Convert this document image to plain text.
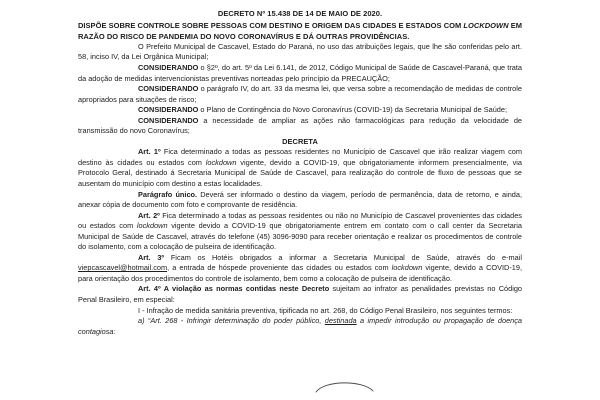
DECRETO Nº 15.438 DE 14 DE MAIO DE 2020.
DISPÕE SOBRE CONTROLE SOBRE PESSOAS COM DESTINO E ORIGEM DAS CIDADES E ESTADOS COM LOCKDOWN EM RAZÃO DO RISCO DE PANDEMIA DO NOVO CORONAVÍRUS E DÁ OUTRAS PROVIDÊNCIAS.

O Prefeito Municipal de Cascavel, Estado do Paraná, no uso das atribuições legais, que lhe são conferidas pelo art. 58, inciso IV, da Lei Orgânica Municipal;

CONSIDERANDO o §2º, do art. 5º da Lei 6.141, de 2012, Código Municipal de Saúde de Cascavel-Paraná, que trata da adoção de medidas intervencionistas preventivas norteadas pelo princípio da PRECAUÇÃO;

CONSIDERANDO o parágrafo IV, do art. 33 da mesma lei, que versa sobre a recomendação de medidas de controle apropriados para situações de risco;

CONSIDERANDO o Plano de Contingência do Novo Coronavírus (COVID-19) da Secretaria Municipal de Saúde;

CONSIDERANDO a necessidade de ampliar as ações não farmacológicas para redução da velocidade de transmissão do novo Coronavírus;

DECRETA

Art. 1º Fica determinado a todas as pessoas residentes no Município de Cascavel que irão realizar viagem com destino às cidades ou estados com lockdown vigente, devido a COVID-19, que obrigatoriamente informem presencialmente, via Protocolo Geral, destinado á Secretaria Municipal de Saúde de Cascavel, para realização do controle de fluxo de pessoas que se ausentam do município com destino a estas localidades.

Parágrafo único. Deverá ser informado o destino da viagem, período de permanência, data de retorno, e ainda, anexar cópia de documento com foto e comprovante de residência.

Art. 2º Fica determinado a todas as pessoas residentes ou não no Município de Cascavel provenientes das cidades ou estados com lockdown vigente devido a COVID-19 que obrigatoriamente entrem em contato com o call center da Secretaria Municipal de Saúde de Cascavel, através do telefone (45) 3096-9090 para receber orientação e realizar os procedimentos de controle do isolamento, com a colocação de pulseira de identificação.

Art. 3º Ficam os Hotéis obrigados a informar a Secretaria Municipal de Saúde, através do e-mail viepcascavel@hotmail.com, a entrada de hóspede proveniente das cidades ou estados com lockdown vigente, devido a COVID-19, para orientação dos procedimentos do controle de isolamento, bem como a colocação de pulseira de identificação.

Art. 4º A violação as normas contidas neste Decreto sujeitam ao infrator as penalidades previstas no Código Penal Brasileiro, em especial:

I - Infração de medida sanitária preventiva, tipificada no art. 268, do Código Penal Brasileiro, nos seguintes termos:

a) “Art. 268 - Infringir determinação do poder público, destinada a impedir introdução ou propagação de doença contagiosa:
